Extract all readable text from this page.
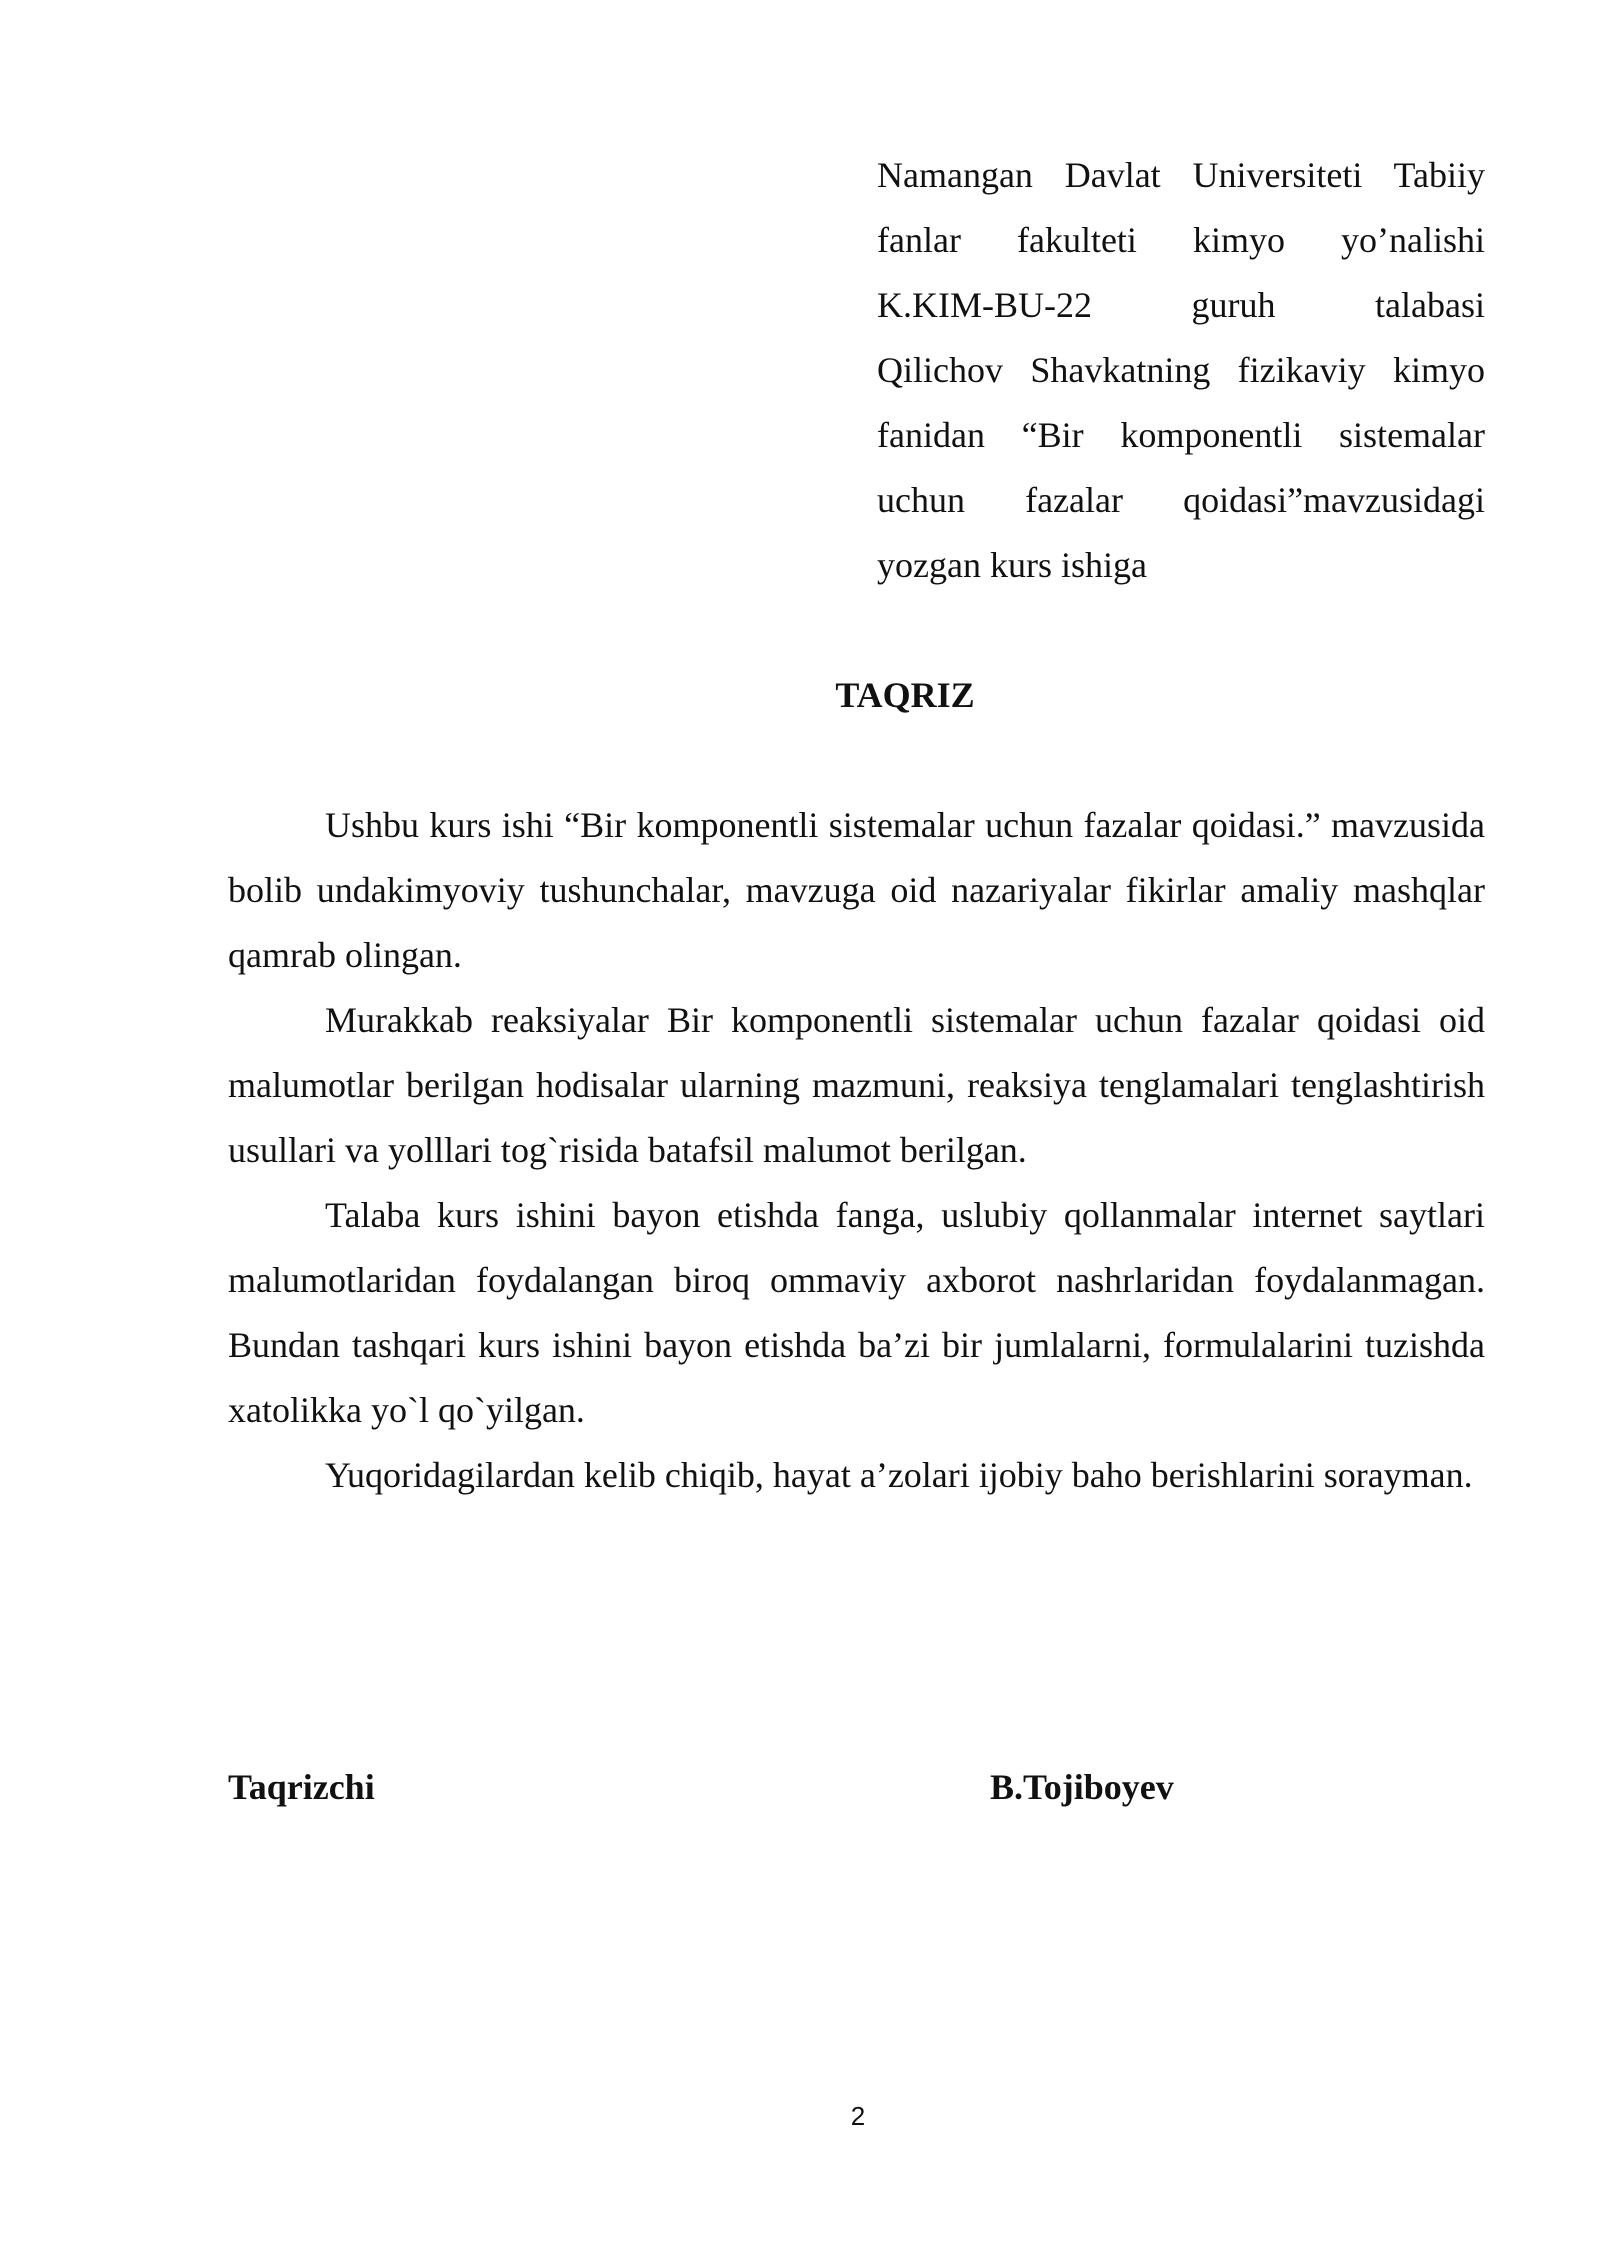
Namangan Davlat Universiteti Tabiiy

fanlar fakulteti kimyo yo’nalishi

K.KIM-BU-22 guruh talabasi

Qilichov Shavkatning fizikaviy kimyo

fanidan “Bir komponentli sistemalar

uchun fazalar qoidasi”mavzusidagi

yozgan kurs ishiga

TAQRIZ

Ushbu kurs ishi “Bir komponentli sistemalar uchun fazalar qoidasi.” mavzusida bolib undakimyoviy tushunchalar, mavzuga oid nazariyalar fikirlar amaliy mashqlar qamrab olingan.

Murakkab reaksiyalar Bir komponentli sistemalar uchun fazalar qoidasi oid malumotlar berilgan hodisalar ularning mazmuni, reaksiya tenglamalari tenglashtirish usullari va yolllari tog`risida batafsil malumot berilgan.

Talaba kurs ishini bayon etishda fanga, uslubiy qollanmalar internet saytlari malumotlaridan foydalangan biroq ommaviy axborot nashrlaridan foydalanmagan. Bundan tashqari kurs ishini bayon etishda ba’zi bir jumlalarni, formulalarini tuzishda xatolikka yo`l qo`yilgan.

Yuqoridagilardan kelib chiqib, hayat a’zolari ijobiy baho berishlarini sorayman.

Taqrizchi	B.Tojiboyev
2
